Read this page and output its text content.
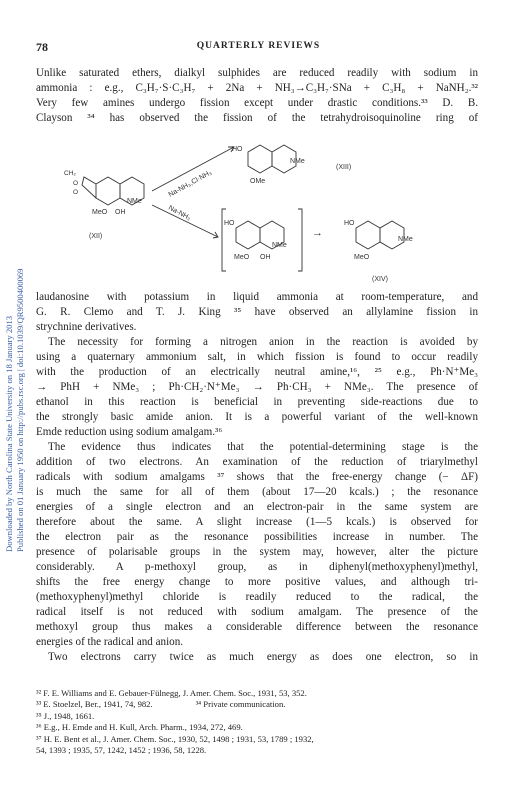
78	QUARTERLY REVIEWS
Downloaded by North Carolina State University on 18 January 2013 Published on 01 January 1950 on http://pubs.rsc.org | doi:10.1039/QR9500400069
Unlike saturated ethers, dialkyl sulphides are reduced readily with sodium in
ammonia : e.g., C₃H₇·S·C₃H₇ + 2Na + NH₃→C₃H₇·SNa + C₃H₈ + NaNH₂.³²
Very few amines undergo fission except under drastic conditions.³³ D. B.
Clayson ³⁴ has observed the fission of the tetrahydroisoquinoline ring of
CH₂
O
O
NMe
MeO OH
(XII)
Na-NH₃,Cl·NH₃
Na-NH₃
HO
NMe
OMe
(XIII)
HO
NMe
MeO OH
→
HO
NMe
MeO
(XIV)
laudanosine with potassium in liquid ammonia at room-temperature, and
G. R. Clemo and T. J. King ³⁵ have observed an allylamine fission in
strychnine derivatives.
The necessity for forming a nitrogen anion in the reaction is avoided by
using a quaternary ammonium salt, in which fission is found to occur readily
with the production of an electrically neutral amine,¹⁶, ²⁵ e.g., Ph·N⁺Me₃
→ PhH + NMe₃ ; Ph·CH₂·N⁺Me₃ → Ph·CH₃ + NMe₃. The presence of
ethanol in this reaction is beneficial in preventing side-reactions due to
the strongly basic amide anion. It is a powerful variant of the well-known
Emde reduction using sodium amalgam.³⁶
The evidence thus indicates that the potential-determining stage is the
addition of two electrons. An examination of the reduction of triarylmethyl
radicals with sodium amalgams ³⁷ shows that the free-energy change (− ΔF)
is much the same for all of them (about 17—20 kcals.) ; the resonance
energies of a single electron and an electron-pair in the same system are
therefore about the same. A slight increase (1—5 kcals.) is observed for
the electron pair as the resonance possibilities increase in number. The
presence of polarisable groups in the system may, however, alter the picture
considerably. A p-methoxyl group, as in diphenyl(methoxyphenyl)methyl,
shifts the free energy change to more positive values, and although tri-
(methoxyphenyl)methyl chloride is readily reduced to the radical, the
radical itself is not reduced with sodium amalgam. The presence of the
methoxyl group thus makes a considerable difference between the resonance
energies of the radical and anion.
Two electrons carry twice as much energy as does one electron, so in
³² F. E. Williams and E. Gebauer-Fülnegg, J. Amer. Chem. Soc., 1931, 53, 352.
³³ E. Stoelzel, Ber., 1941, 74, 982.                    ³⁴ Private communication.
³⁵ J., 1948, 1661.
³⁶ E.g., H. Emde and H. Kull, Arch. Pharm., 1934, 272, 469.
³⁷ H. E. Bent et al., J. Amer. Chem. Soc., 1930, 52, 1498 ; 1931, 53, 1789 ; 1932,
54, 1393 ; 1935, 57, 1242, 1452 ; 1936, 58, 1228.
